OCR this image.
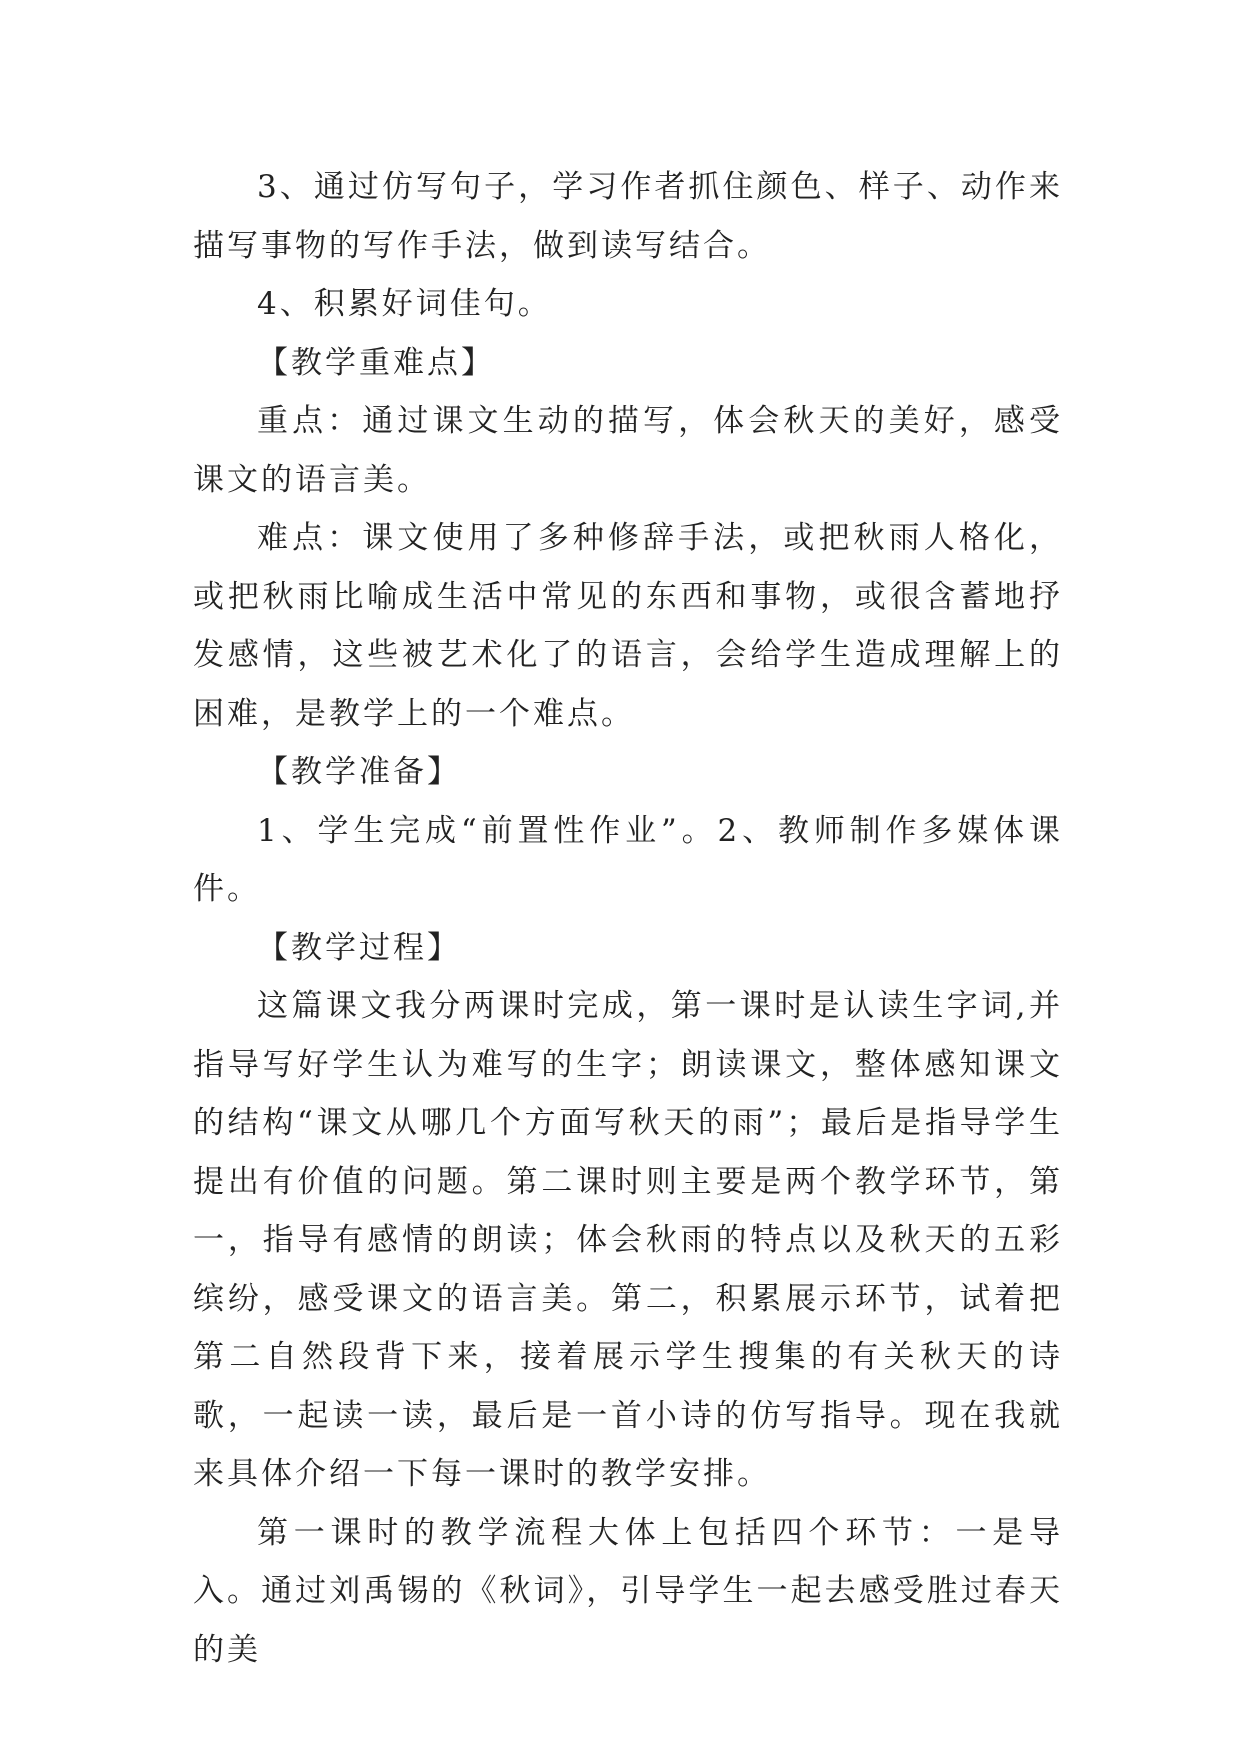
3、通过仿写句子，学习作者抓住颜色、样子、动作来描写事物的写作手法，做到读写结合。

4、积累好词佳句。

【教学重难点】

重点：通过课文生动的描写，体会秋天的美好，感受课文的语言美。

难点：课文使用了多种修辞手法，或把秋雨人格化，或把秋雨比喻成生活中常见的东西和事物，或很含蓄地抒发感情，这些被艺术化了的语言，会给学生造成理解上的困难，是教学上的一个难点。

【教学准备】

1、学生完成“前置性作业”。2、教师制作多媒体课件。

【教学过程】

这篇课文我分两课时完成，第一课时是认读生字词,并指导写好学生认为难写的生字；朗读课文，整体感知课文的结构“课文从哪几个方面写秋天的雨”；最后是指导学生提出有价值的问题。第二课时则主要是两个教学环节，第一，指导有感情的朗读；体会秋雨的特点以及秋天的五彩缤纷，感受课文的语言美。第二，积累展示环节，试着把第二自然段背下来，接着展示学生搜集的有关秋天的诗歌，一起读一读，最后是一首小诗的仿写指导。现在我就来具体介绍一下每一课时的教学安排。

第一课时的教学流程大体上包括四个环节：一是导入。通过刘禹锡的《秋词》，引导学生一起去感受胜过春天的美
